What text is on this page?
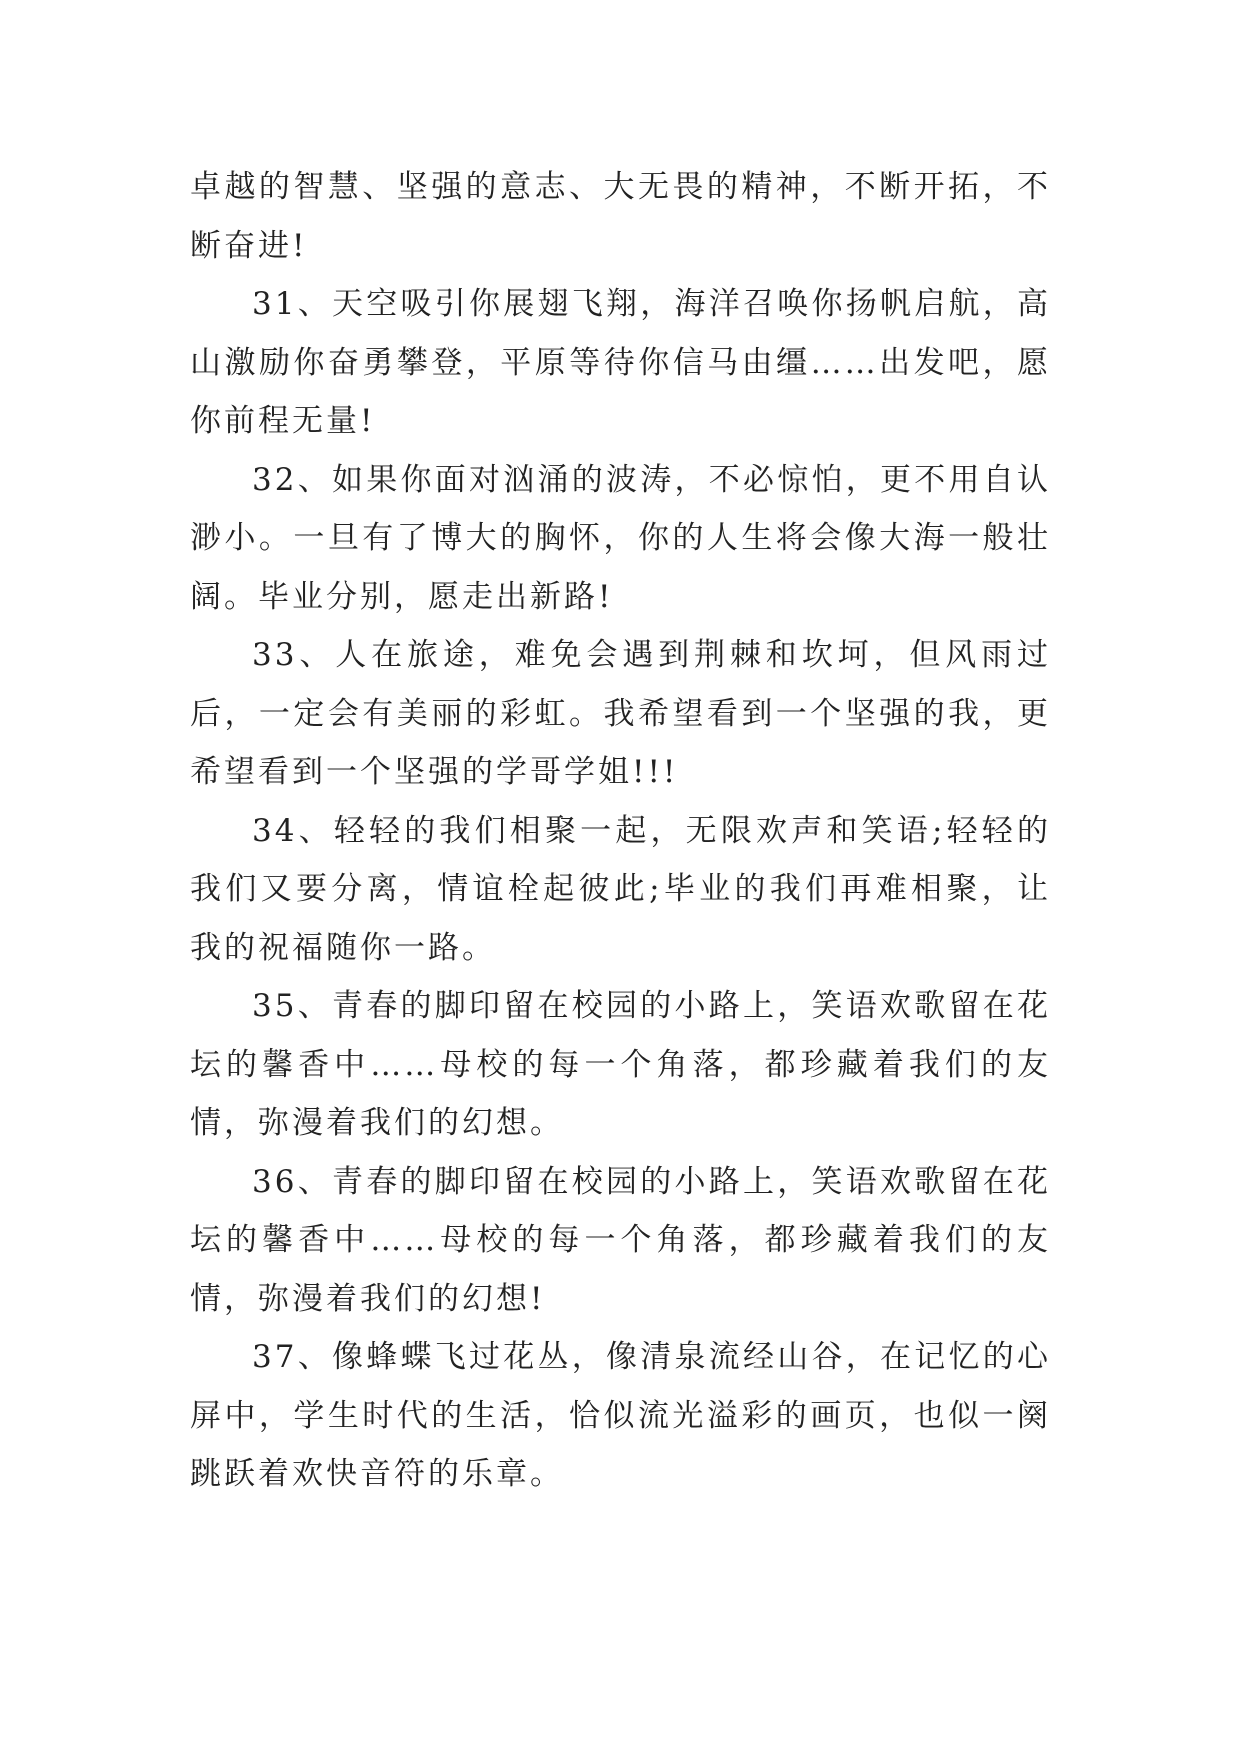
卓越的智慧、坚强的意志、大无畏的精神，不断开拓，不断奋进!

31、天空吸引你展翅飞翔，海洋召唤你扬帆启航，高山激励你奋勇攀登，平原等待你信马由缰……出发吧，愿你前程无量!

32、如果你面对汹涌的波涛，不必惊怕，更不用自认渺小。一旦有了博大的胸怀，你的人生将会像大海一般壮阔。毕业分别，愿走出新路!

33、人在旅途，难免会遇到荆棘和坎坷，但风雨过后，一定会有美丽的彩虹。我希望看到一个坚强的我，更希望看到一个坚强的学哥学姐!!!

34、轻轻的我们相聚一起，无限欢声和笑语;轻轻的我们又要分离，情谊栓起彼此;毕业的我们再难相聚，让我的祝福随你一路。

35、青春的脚印留在校园的小路上，笑语欢歌留在花坛的馨香中……母校的每一个角落，都珍藏着我们的友情，弥漫着我们的幻想。

36、青春的脚印留在校园的小路上，笑语欢歌留在花坛的馨香中……母校的每一个角落，都珍藏着我们的友情，弥漫着我们的幻想!

37、像蜂蝶飞过花丛，像清泉流经山谷，在记忆的心屏中，学生时代的生活，恰似流光溢彩的画页，也似一阕跳跃着欢快音符的乐章。
